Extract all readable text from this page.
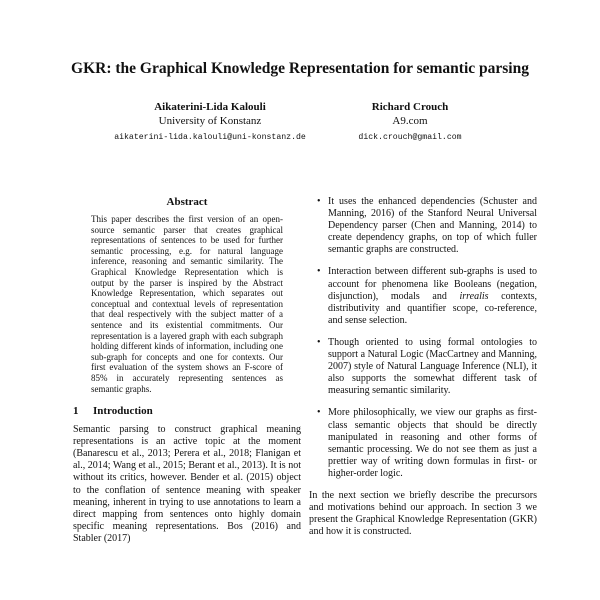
GKR: the Graphical Knowledge Representation for semantic parsing
Aikaterini-Lida Kalouli
University of Konstanz
aikaterini-lida.kalouli@uni-konstanz.de
Richard Crouch
A9.com
dick.crouch@gmail.com
Abstract

This paper describes the first version of an open-source semantic parser that creates graphical representations of sentences to be used for further semantic processing, e.g. for natural language inference, reasoning and semantic similarity. The Graphical Knowledge Representation which is output by the parser is inspired by the Abstract Knowledge Representation, which separates out conceptual and contextual levels of representation that deal respectively with the subject matter of a sentence and its existential commitments. Our representation is a layered graph with each subgraph holding different kinds of information, including one sub-graph for concepts and one for contexts. Our first evaluation of the system shows an F-score of 85% in accurately representing sentences as semantic graphs.

1 Introduction

Semantic parsing to construct graphical meaning representations is an active topic at the moment (Banarescu et al., 2013; Perera et al., 2018; Flanigan et al., 2014; Wang et al., 2015; Berant et al., 2013). It is not without its critics, however. Bender et al. (2015) object to the conflation of sentence meaning with speaker meaning, inherent in trying to use annotations to learn a direct mapping from sentences onto highly domain specific meaning representations. Bos (2016) and Stabler (2017)

• It uses the enhanced dependencies (Schuster and Manning, 2016) of the Stanford Neural Universal Dependency parser (Chen and Manning, 2014) to create dependency graphs, on top of which fuller semantic graphs are constructed.
• Interaction between different sub-graphs is used to account for phenomena like Booleans (negation, disjunction), modals and irrealis contexts, distributivity and quantifier scope, co-reference, and sense selection.
• Though oriented to using formal ontologies to support a Natural Logic (MacCartney and Manning, 2007) style of Natural Language Inference (NLI), it also supports the somewhat different task of measuring semantic similarity.
• More philosophically, we view our graphs as first-class semantic objects that should be directly manipulated in reasoning and other forms of semantic processing. We do not see them as just a prettier way of writing down formulas in first- or higher-order logic.

In the next section we briefly describe the precursors and motivations behind our approach. In section 3 we present the Graphical Knowledge Representation (GKR) and how it is constructed.
